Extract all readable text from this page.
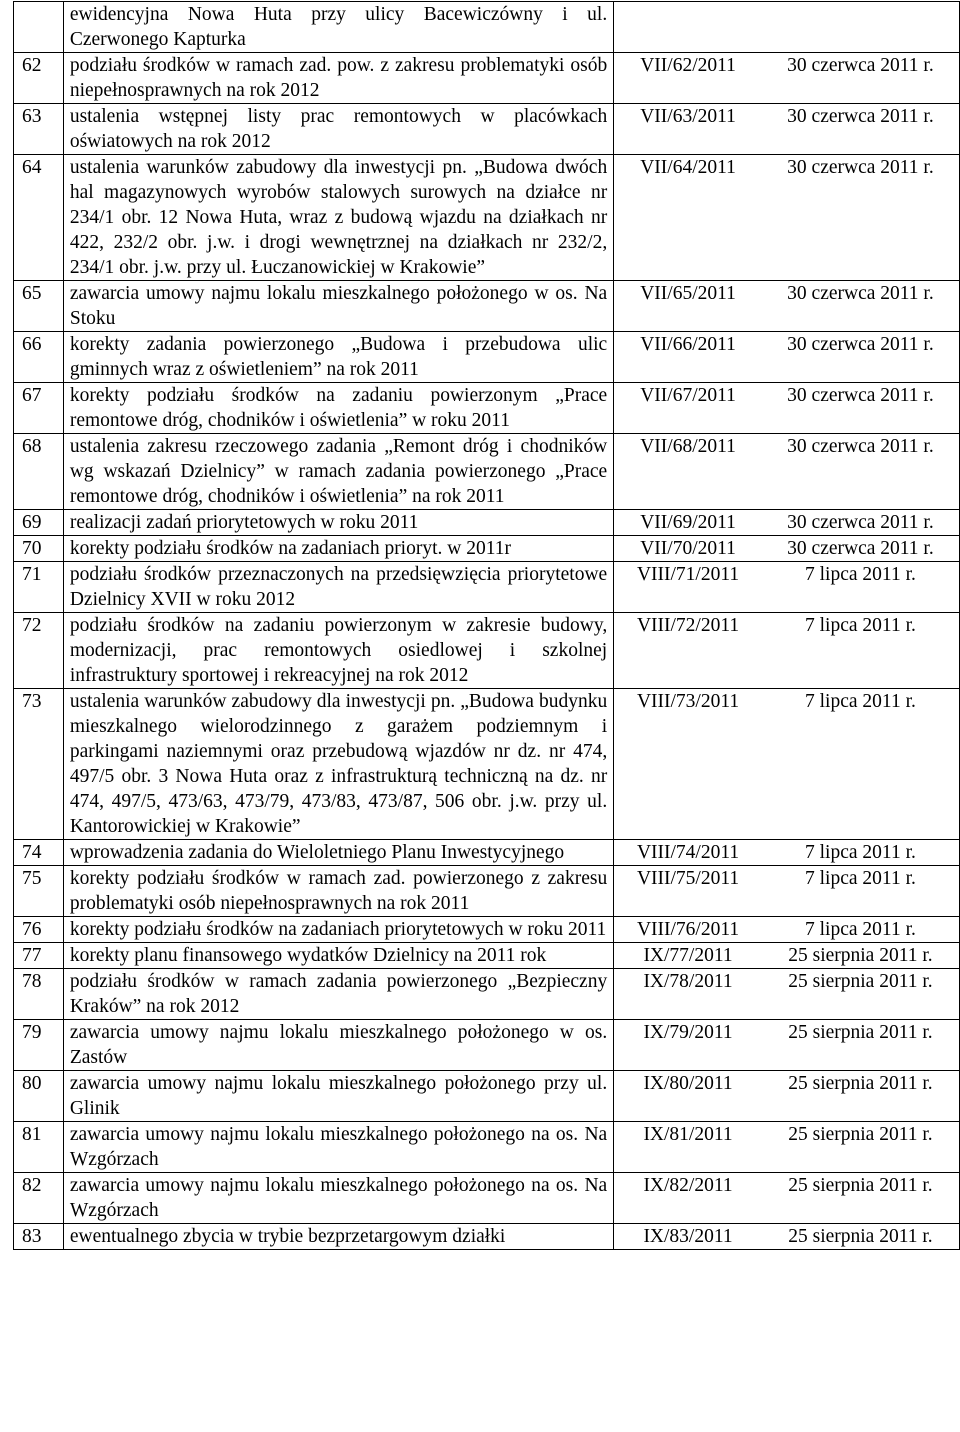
	ewidencyjna Nowa Huta przy ulicy Bacewiczówny i ul. Czerwonego Kapturka		
62	podziału środków w ramach zad. pow. z zakresu problematyki osób niepełnosprawnych na rok 2012	VII/62/2011	30 czerwca 2011 r.
63	ustalenia wstępnej listy prac remontowych w placówkach oświatowych na rok 2012	VII/63/2011	30 czerwca 2011 r.
64	ustalenia warunków zabudowy dla inwestycji pn. „Budowa dwóch hal magazynowych wyrobów stalowych surowych na działce nr 234/1 obr. 12 Nowa Huta, wraz z budową wjazdu na działkach nr 422, 232/2 obr. j.w. i drogi wewnętrznej na działkach nr 232/2, 234/1 obr. j.w. przy ul. Łuczanowickiej w Krakowie”	VII/64/2011	30 czerwca 2011 r.
65	zawarcia umowy najmu lokalu mieszkalnego położonego w os. Na Stoku	VII/65/2011	30 czerwca 2011 r.
66	korekty zadania powierzonego „Budowa i przebudowa ulic gminnych wraz z oświetleniem” na rok 2011	VII/66/2011	30 czerwca 2011 r.
67	korekty podziału środków na zadaniu powierzonym „Prace remontowe dróg, chodników i oświetlenia” w roku 2011	VII/67/2011	30 czerwca 2011 r.
68	ustalenia zakresu rzeczowego zadania „Remont dróg i chodników wg wskazań Dzielnicy” w ramach zadania powierzonego „Prace remontowe dróg, chodników i oświetlenia” na rok 2011	VII/68/2011	30 czerwca 2011 r.
69	realizacji zadań priorytetowych w roku 2011	VII/69/2011	30 czerwca 2011 r.
70	korekty podziału środków na zadaniach prioryt. w 2011r	VII/70/2011	30 czerwca 2011 r.
71	podziału środków przeznaczonych na przedsięwzięcia priorytetowe Dzielnicy XVII w roku 2012	VIII/71/2011	7 lipca 2011 r.
72	podziału środków na zadaniu powierzonym w zakresie budowy, modernizacji, prac remontowych osiedlowej i szkolnej infrastruktury sportowej i rekreacyjnej na rok 2012	VIII/72/2011	7 lipca 2011 r.
73	ustalenia warunków zabudowy dla inwestycji pn. „Budowa budynku mieszkalnego wielorodzinnego z garażem podziemnym i parkingami naziemnymi oraz przebudową wjazdów nr dz. nr 474, 497/5 obr. 3 Nowa Huta oraz z infrastrukturą techniczną na dz. nr 474, 497/5, 473/63, 473/79, 473/83, 473/87, 506 obr. j.w. przy ul. Kantorowickiej w Krakowie”	VIII/73/2011	7 lipca 2011 r.
74	wprowadzenia zadania do Wieloletniego Planu Inwestycyjnego	VIII/74/2011	7 lipca 2011 r.
75	korekty podziału środków w ramach zad. powierzonego z zakresu problematyki osób niepełnosprawnych na rok 2011	VIII/75/2011	7 lipca 2011 r.
76	korekty podziału środków na zadaniach priorytetowych w roku 2011	VIII/76/2011	7 lipca 2011 r.
77	korekty planu finansowego wydatków Dzielnicy na 2011 rok	IX/77/2011	25 sierpnia 2011 r.
78	podziału środków w ramach zadania powierzonego „Bezpieczny Kraków” na rok 2012	IX/78/2011	25 sierpnia 2011 r.
79	zawarcia umowy najmu lokalu mieszkalnego położonego w os. Zastów	IX/79/2011	25 sierpnia 2011 r.
80	zawarcia umowy najmu lokalu mieszkalnego położonego przy ul. Glinik	IX/80/2011	25 sierpnia 2011 r.
81	zawarcia umowy najmu lokalu mieszkalnego położonego na os. Na Wzgórzach	IX/81/2011	25 sierpnia 2011 r.
82	zawarcia umowy najmu lokalu mieszkalnego położonego na os. Na Wzgórzach	IX/82/2011	25 sierpnia 2011 r.
83	ewentualnego zbycia w trybie bezprzetargowym działki	IX/83/2011	25 sierpnia 2011 r.
